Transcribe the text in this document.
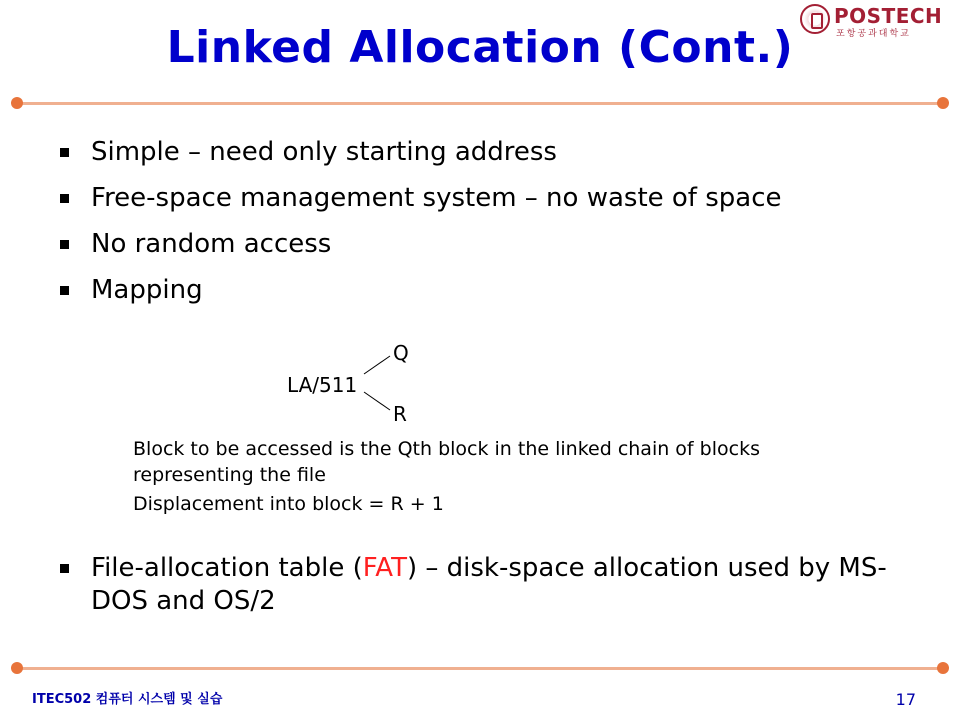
POSTECH
포항공과대학교
Linked Allocation (Cont.)
Simple – need only starting address
Free-space management system – no waste of space
No random access
Mapping
Q
LA/511
R
Block to be accessed is the Qth block in the linked chain of blocks
representing the file
Displacement into block = R + 1
File-allocation table (FAT) – disk-space allocation used by MS-DOS and OS/2
ITEC502 컴퓨터 시스템 및 실습	17
